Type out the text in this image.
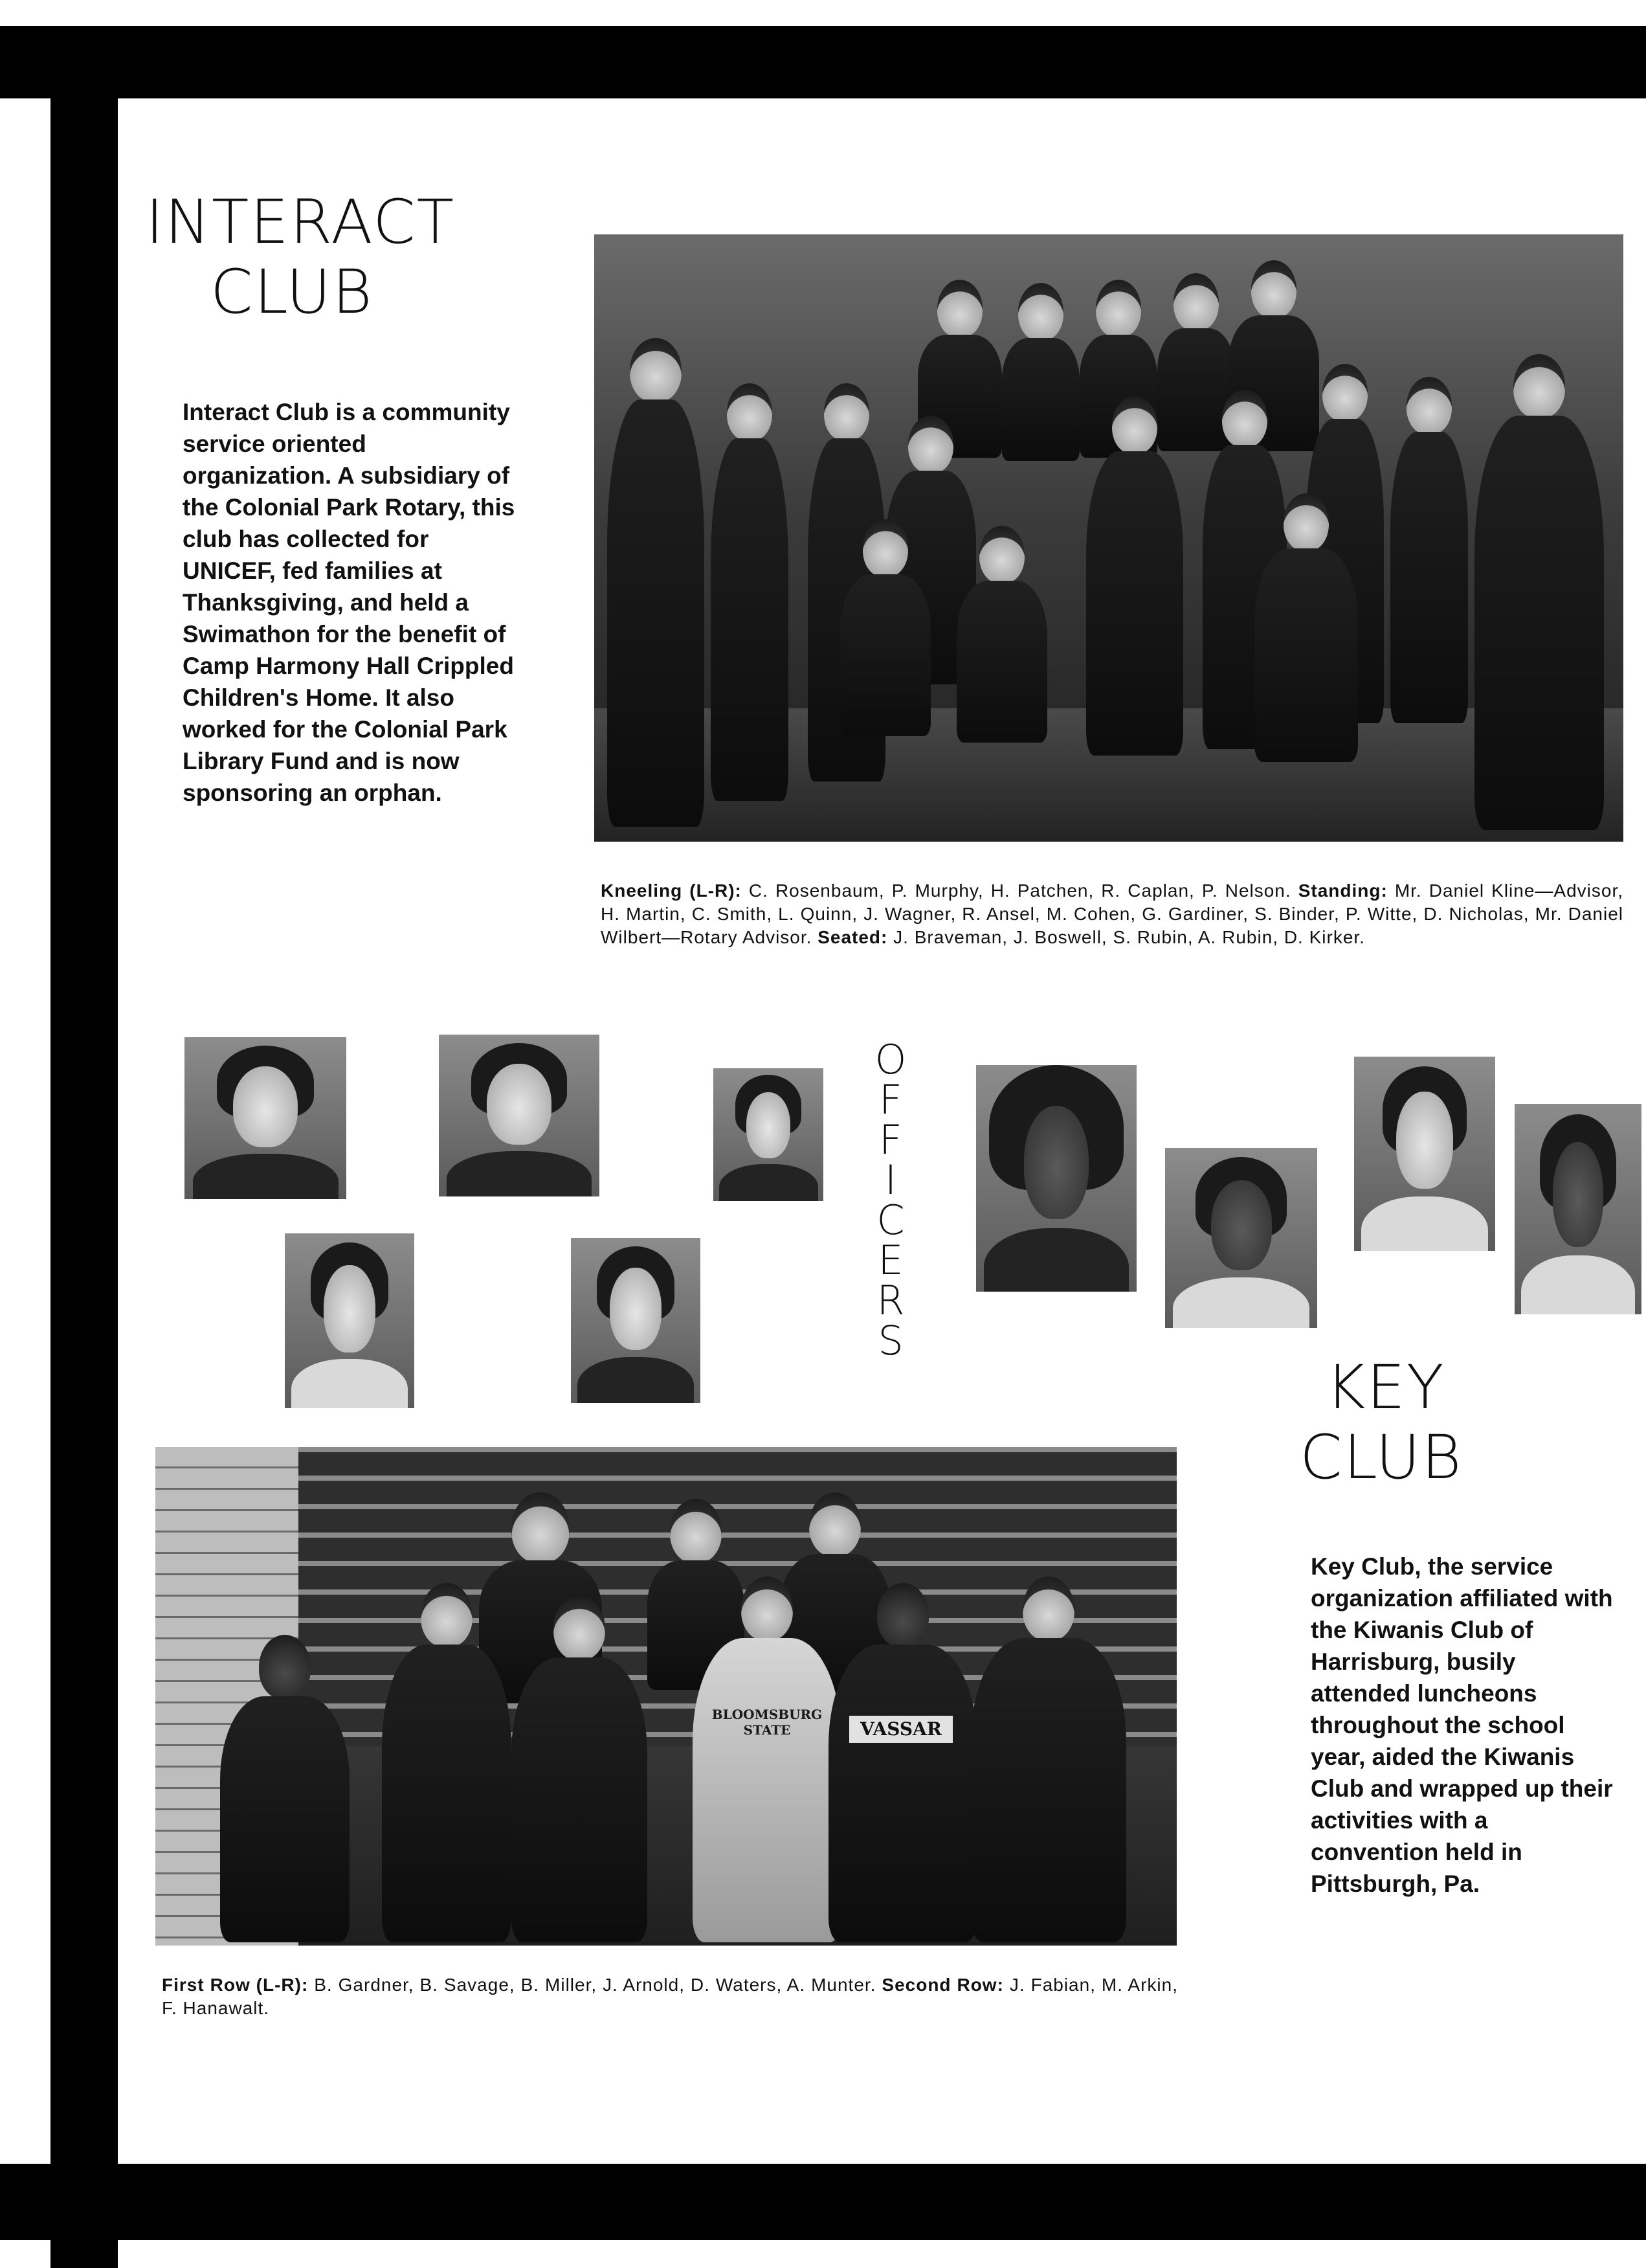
INTERACT
CLUB
Interact Club is a community service oriented organization. A subsidiary of the Colonial Park Rotary, this club has collected for UNICEF, fed families at Thanksgiving, and held a Swimathon for the benefit of Camp Harmony Hall Crippled Children's Home. It also worked for the Colonial Park Library Fund and is now sponsoring an orphan.
Kneeling (L-R): C. Rosenbaum, P. Murphy, H. Patchen, R. Caplan, P. Nelson. Standing: Mr. Daniel Kline—Advisor, H. Martin, C. Smith, L. Quinn, J. Wagner, R. Ansel, M. Cohen, G. Gardiner, S. Binder, P. Witte, D. Nicholas, Mr. Daniel Wilbert—Rotary Advisor. Seated: J. Braveman, J. Boswell, S. Rubin, A. Rubin, D. Kirker.
O
F
F
I
C
E
R
S
KEY
CLUB
Key Club, the service organization affiliated with the Kiwanis Club of Harrisburg, busily attended luncheons throughout the school year, aided the Kiwanis Club and wrapped up their activities with a convention held in Pittsburgh, Pa.
BLOOMSBURG STATE	VASSAR
First Row (L-R): B. Gardner, B. Savage, B. Miller, J. Arnold, D. Waters, A. Munter. Second Row: J. Fabian, M. Arkin, F. Hanawalt.
